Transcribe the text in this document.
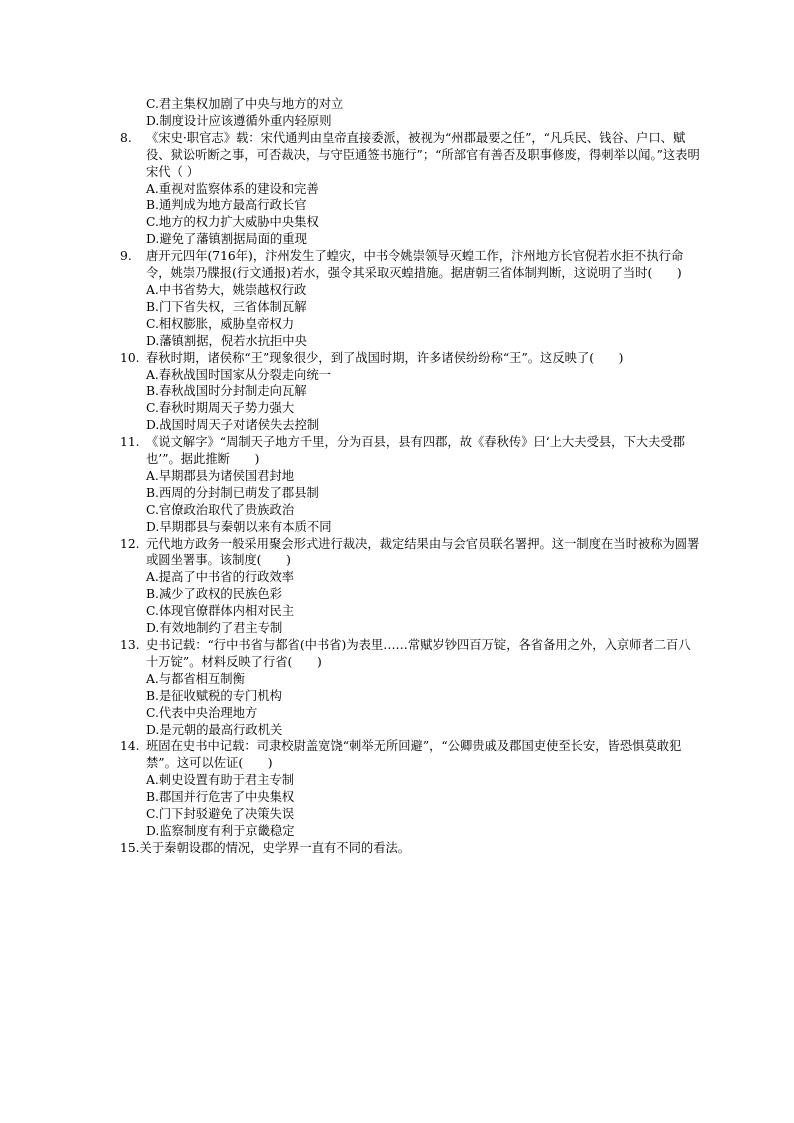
C.君主集权加剧了中央与地方的对立

D.制度设计应该遵循外重内轻原则

8. 《宋史·职官志》载：宋代通判由皇帝直接委派，被视为“州郡最要之任”，“凡兵民、钱谷、户口、赋役、狱讼听断之事，可否裁决，与守臣通签书施行”；“所部官有善否及职事修废，得刺举以闻。”这表明宋代（ ）

A.重视对监察体系的建设和完善

B.通判成为地方最高行政长官

C.地方的权力扩大威胁中央集权

D.避免了藩镇割据局面的重现

9. 唐开元四年(716年)，汴州发生了蝗灾，中书令姚崇领导灭蝗工作，汴州地方长官倪若水拒不执行命令，姚崇乃牒报(行文通报)若水，强令其采取灭蝗措施。据唐朝三省体制判断，这说明了当时(　　)

A.中书省势大，姚崇越权行政

B.门下省失权，三省体制瓦解

C.相权膨胀，威胁皇帝权力

D.藩镇割据，倪若水抗拒中央

10. 春秋时期，诸侯称“王”现象很少，到了战国时期，许多诸侯纷纷称“王”。这反映了(　　)

A.春秋战国时国家从分裂走向统一

B.春秋战国时分封制走向瓦解

C.春秋时期周天子势力强大

D.战国时周天子对诸侯失去控制

11. 《说文解字》“周制天子地方千里，分为百县，县有四郡，故《春秋传》曰‘上大夫受县，下大夫受郡也’”。据此推断　　)

A.早期郡县为诸侯国君封地

B.西周的分封制已萌发了郡县制

C.官僚政治取代了贵族政治

D.早期郡县与秦朝以来有本质不同

12. 元代地方政务一般采用聚会形式进行裁决，裁定结果由与会官员联名署押。这一制度在当时被称为圆署或圆坐署事。该制度(　　)

A.提高了中书省的行政效率

B.减少了政权的民族色彩

C.体现官僚群体内相对民主

D.有效地制约了君主专制

13. 史书记载：“行中书省与都省(中书省)为表里……常赋岁钞四百万锭，各省备用之外，入京师者二百八十万锭”。材料反映了行省(　　)

A.与都省相互制衡

B.是征收赋税的专门机构

C.代表中央治理地方

D.是元朝的最高行政机关

14. 班固在史书中记载：司隶校尉盖宽饶“刺举无所回避”，“公卿贵戚及郡国吏使至长安，皆恐惧莫敢犯禁”。这可以佐证(　　)

A.刺史设置有助于君主专制

B.郡国并行危害了中央集权

C.门下封驳避免了决策失误

D.监察制度有利于京畿稳定

15.关于秦朝设郡的情况，史学界一直有不同的看法。
